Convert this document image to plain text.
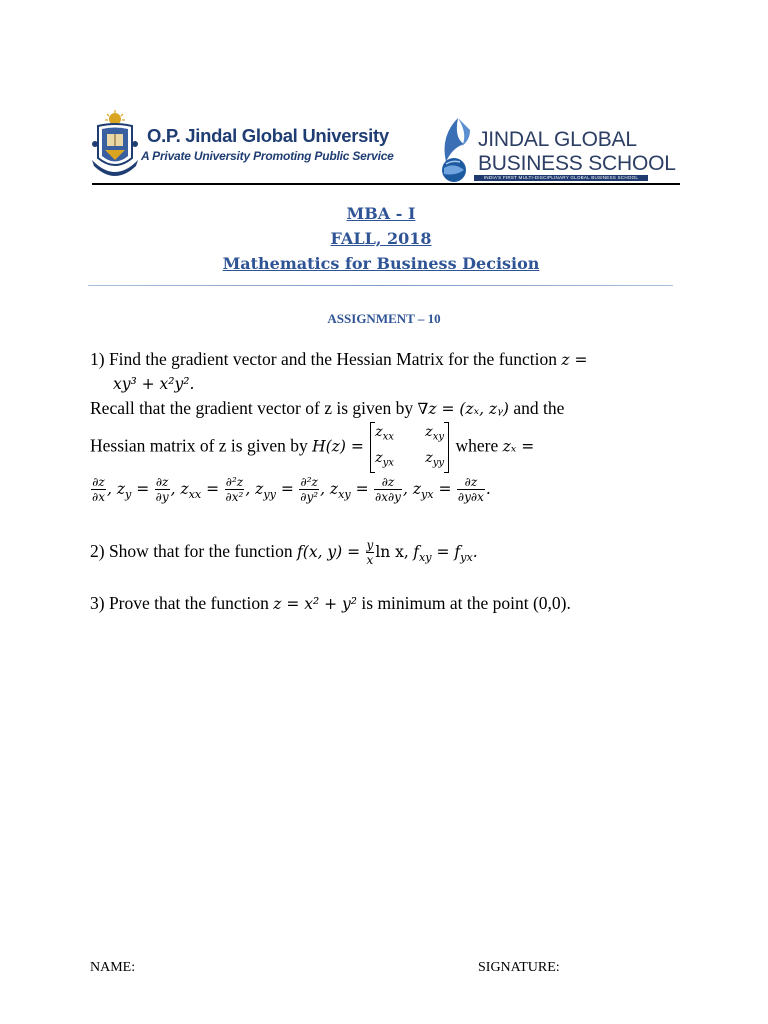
O.P. Jindal Global University
A Private University Promoting Public Service
JINDAL GLOBAL
BUSINESS SCHOOL
INDIA'S FIRST MULTI-DISCIPLINARY GLOBAL BUSINESS SCHOOL
MBA - I
FALL, 2018
Mathematics for Business Decision
ASSIGNMENT – 10
1) Find the gradient vector and the Hessian Matrix for the function z =
xy³ + x²y².
Recall that the gradient vector of z is given by ∇z = (zₓ, zᵧ) and the
Hessian matrix of z is given by H(z) =
$z_{xx}$   $z_{xy}$
$z_{yx}$   $z_{yy}$
where zₓ =
$\frac{\partial z}{\partial x}$ , $z_y = \frac{\partial z}{\partial y}$ , $z_{xx} = \frac{\text{∂²z}}{\text{∂x²}}$ , $z_{yy} = \frac{\text{∂²z}}{\text{∂y²}}$ , $z_{xy} = \frac{\partial z}{\partial x\partial y}$ , $z_{yx} = \frac{\partial z}{\partial y\partial x}$ .
2) Show that for the function f(x, $y) = \frac{y}{x}$ ln x, $f_{xy} = f_{yx}$.
3) Prove that the function z = x² + y² is minimum at the point (0,0).
NAME:	SIGNATURE:
